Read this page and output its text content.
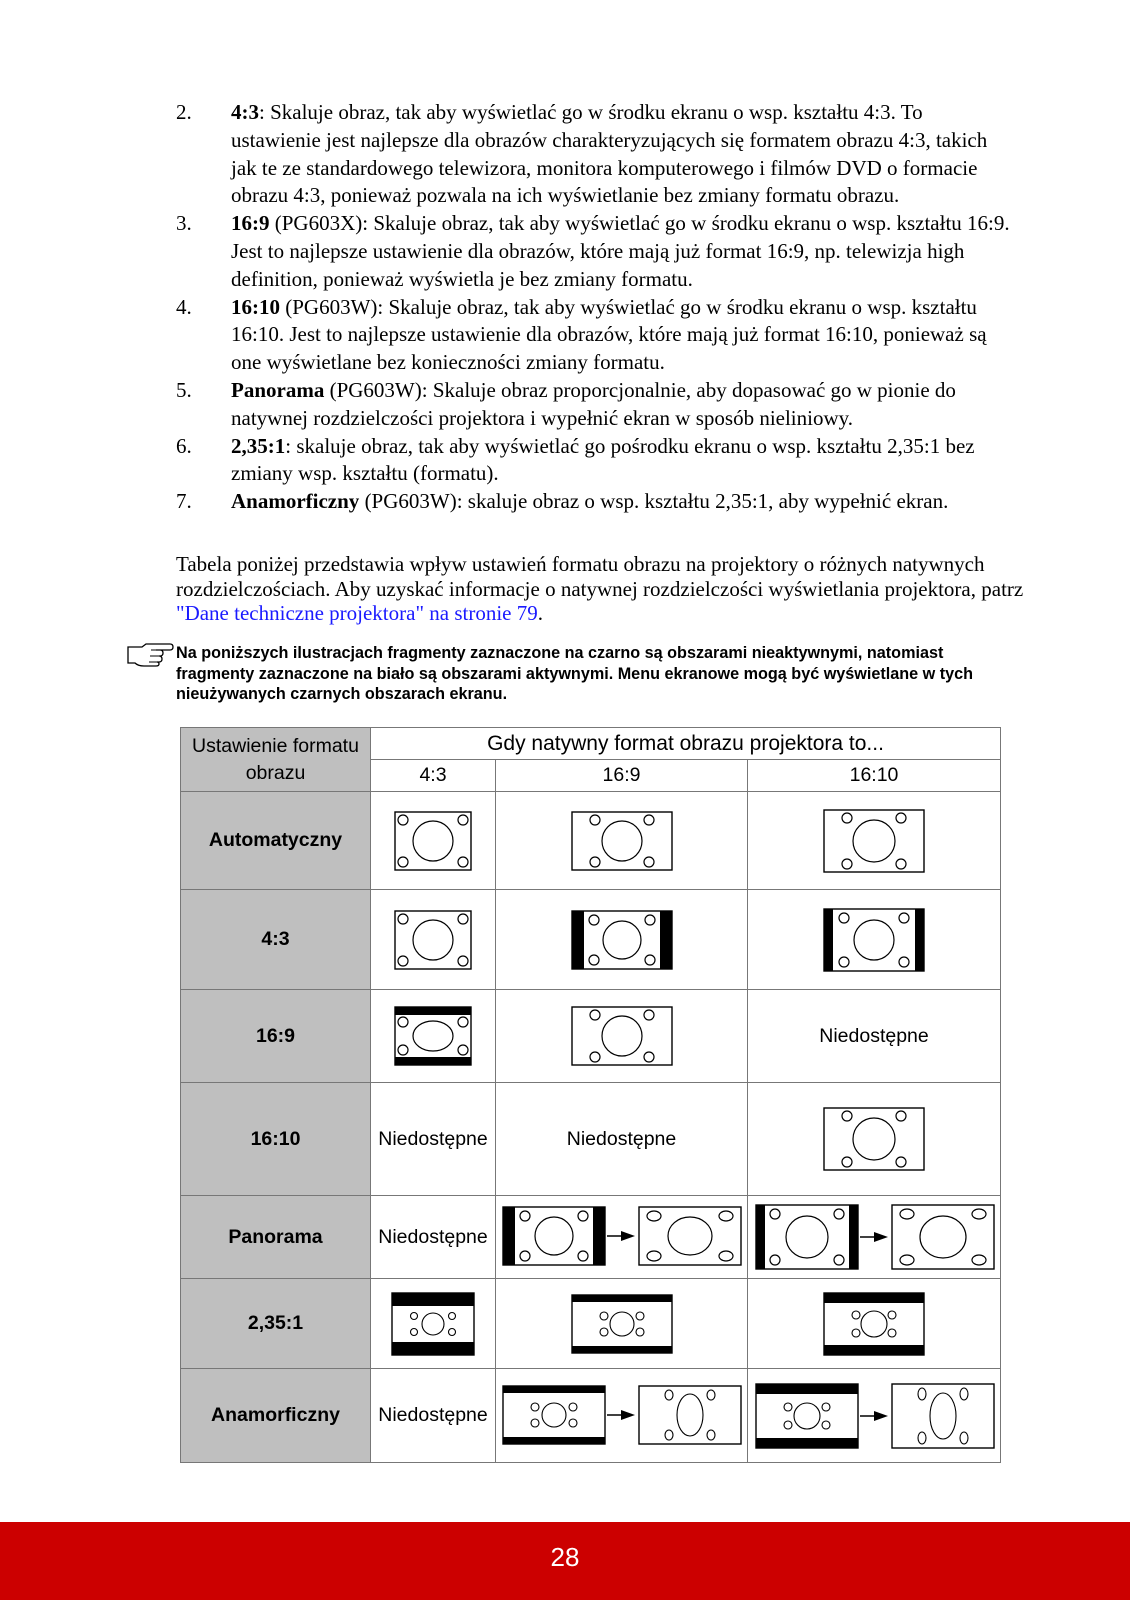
2. 4:3: Skaluje obraz, tak aby wyświetlać go w środku ekranu o wsp. kształtu 4:3. To ustawienie jest najlepsze dla obrazów charakteryzujących się formatem obrazu 4:3, takich jak te ze standardowego telewizora, monitora komputerowego i filmów DVD o formacie obrazu 4:3, ponieważ pozwala na ich wyświetlanie bez zmiany formatu obrazu.
3. 16:9 (PG603X): Skaluje obraz, tak aby wyświetlać go w środku ekranu o wsp. kształtu 16:9. Jest to najlepsze ustawienie dla obrazów, które mają już format 16:9, np. telewizja high definition, ponieważ wyświetla je bez zmiany formatu.
4. 16:10 (PG603W): Skaluje obraz, tak aby wyświetlać go w środku ekranu o wsp. kształtu 16:10. Jest to najlepsze ustawienie dla obrazów, które mają już format 16:10, ponieważ są one wyświetlane bez konieczności zmiany formatu.
5. Panorama (PG603W): Skaluje obraz proporcjonalnie, aby dopasować go w pionie do natywnej rozdzielczości projektora i wypełnić ekran w sposób nieliniowy.
6. 2,35:1: skaluje obraz, tak aby wyświetlać go pośrodku ekranu o wsp. kształtu 2,35:1 bez zmiany wsp. kształtu (formatu).
7. Anamorficzny (PG603W): skaluje obraz o wsp. kształtu 2,35:1, aby wypełnić ekran.

Tabela poniżej przedstawia wpływ ustawień formatu obrazu na projektory o różnych natywnych rozdzielczościach. Aby uzyskać informacje o natywnej rozdzielczości wyświetlania projektora, patrz "Dane techniczne projektora" na stronie 79.

Na poniższych ilustracjach fragmenty zaznaczone na czarno są obszarami nieaktywnymi, natomiast fragmenty zaznaczone na biało są obszarami aktywnymi. Menu ekranowe mogą być wyświetlane w tych nieużywanych czarnych obszarach ekranu.

Ustawienie formatu obrazu	Gdy natywny format obrazu projektora to...		
	4:3	16:9	16:10
Automatyczny	

4:3	

16:9			Niedostępne
16:10	Niedostępne	Niedostępne	

Panorama	Niedostępne	

2,35:1	

Anamorficzny	Niedostępne	

28
